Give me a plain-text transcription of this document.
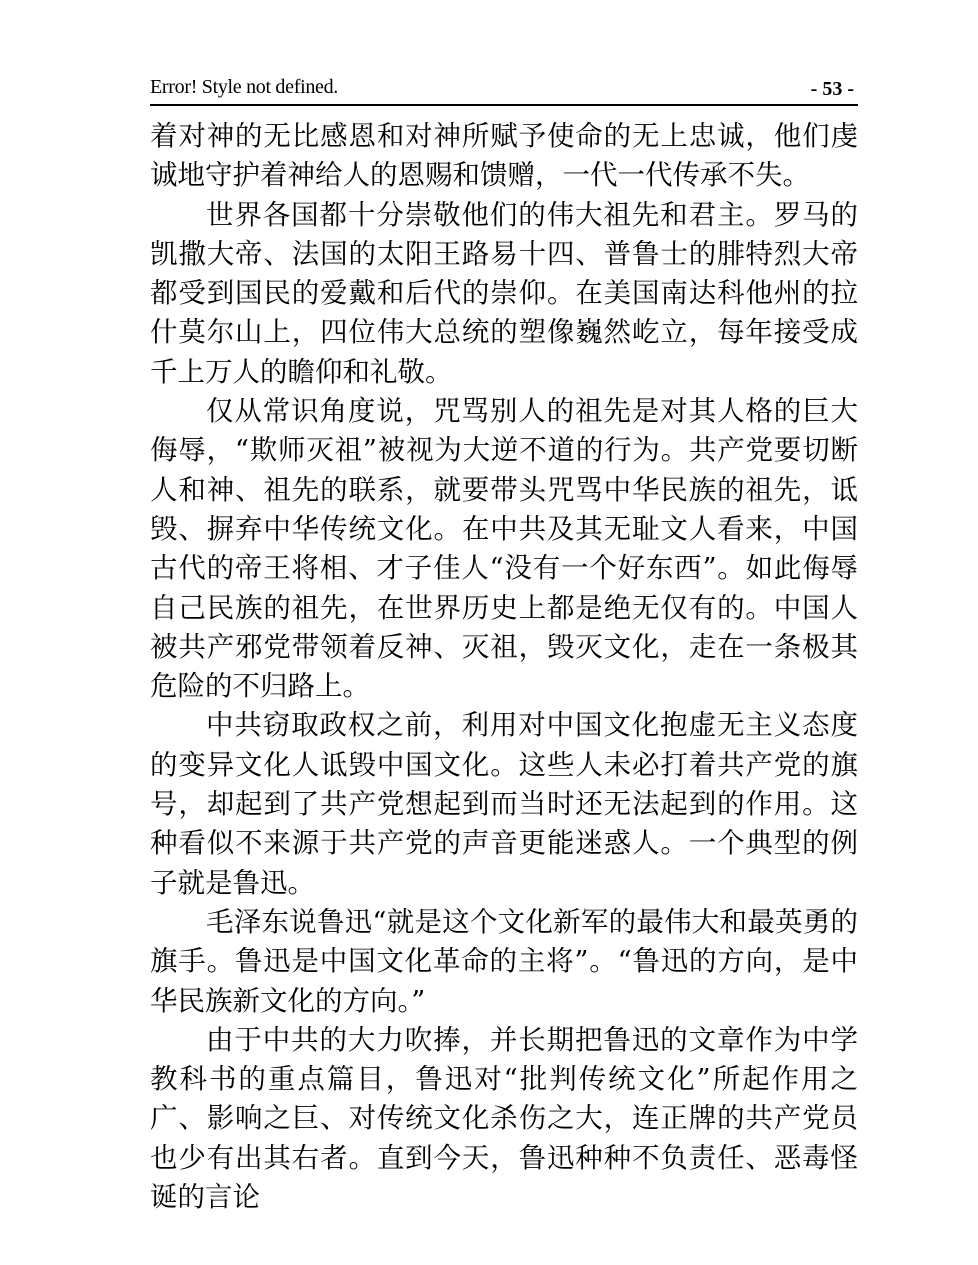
Error! Style not defined.	- 53 -

着对神的无比感恩和对神所赋予使命的无上忠诚，他们虔诚地守护着神给人的恩赐和馈赠，一代一代传承不失。

世界各国都十分崇敬他们的伟大祖先和君主。罗马的凯撒大帝、法国的太阳王路易十四、普鲁士的腓特烈大帝都受到国民的爱戴和后代的崇仰。在美国南达科他州的拉什莫尔山上，四位伟大总统的塑像巍然屹立，每年接受成千上万人的瞻仰和礼敬。

仅从常识角度说，咒骂别人的祖先是对其人格的巨大侮辱，“欺师灭祖”被视为大逆不道的行为。共产党要切断人和神、祖先的联系，就要带头咒骂中华民族的祖先，诋毁、摒弃中华传统文化。在中共及其无耻文人看来，中国古代的帝王将相、才子佳人“没有一个好东西”。如此侮辱自己民族的祖先，在世界历史上都是绝无仅有的。中国人被共产邪党带领着反神、灭祖，毁灭文化，走在一条极其危险的不归路上。

中共窃取政权之前，利用对中国文化抱虚无主义态度的变异文化人诋毁中国文化。这些人未必打着共产党的旗号，却起到了共产党想起到而当时还无法起到的作用。这种看似不来源于共产党的声音更能迷惑人。一个典型的例子就是鲁迅。

毛泽东说鲁迅“就是这个文化新军的最伟大和最英勇的旗手。鲁迅是中国文化革命的主将”。“鲁迅的方向，是中华民族新文化的方向。”

由于中共的大力吹捧，并长期把鲁迅的文章作为中学教科书的重点篇目，鲁迅对“批判传统文化”所起作用之广、影响之巨、对传统文化杀伤之大，连正牌的共产党员也少有出其右者。直到今天，鲁迅种种不负责任、恶毒怪诞的言论
